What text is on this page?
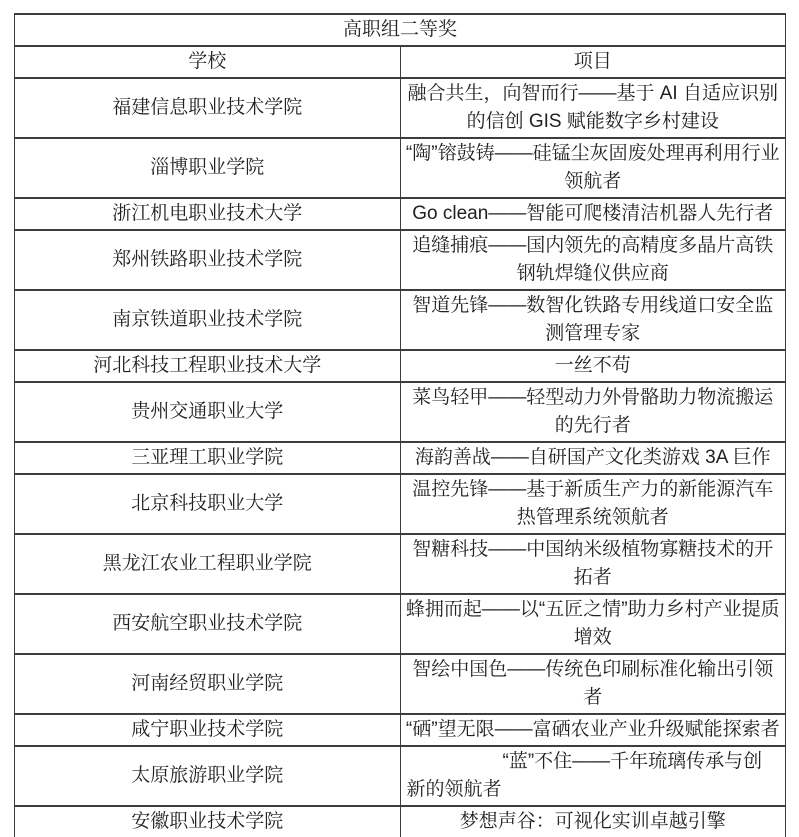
高职组二等奖	
学校	项目
福建信息职业技术学院	融合共生，向智而行——基于 AI 自适应识别的信创 GIS 赋能数字乡村建设
淄博职业学院	“陶”镕鼓铸——硅锰尘灰固废处理再利用行业领航者
浙江机电职业技术大学	Go clean——智能可爬楼清洁机器人先行者
郑州铁路职业技术学院	追缝捕痕——国内领先的高精度多晶片高铁钢轨焊缝仪供应商
南京铁道职业技术学院	智道先锋——数智化铁路专用线道口安全监测管理专家
河北科技工程职业技术大学	一丝不苟
贵州交通职业大学	菜鸟轻甲——轻型动力外骨骼助力物流搬运的先行者
三亚理工职业学院	海韵善战——自研国产文化类游戏 3A 巨作
北京科技职业大学	温控先锋——基于新质生产力的新能源汽车热管理系统领航者
黑龙江农业工程职业学院	智糖科技——中国纳米级植物寡糖技术的开拓者
西安航空职业技术学院	蜂拥而起——以“五匠之情”助力乡村产业提质增效
河南经贸职业学院	智绘中国色——传统色印刷标准化输出引领者
咸宁职业技术学院	“硒”望无限——富硒农业产业升级赋能探索者
太原旅游职业学院	“蓝”不住——千年琉璃传承与创新的领航者
安徽职业技术学院	梦想声谷：可视化实训卓越引擎
